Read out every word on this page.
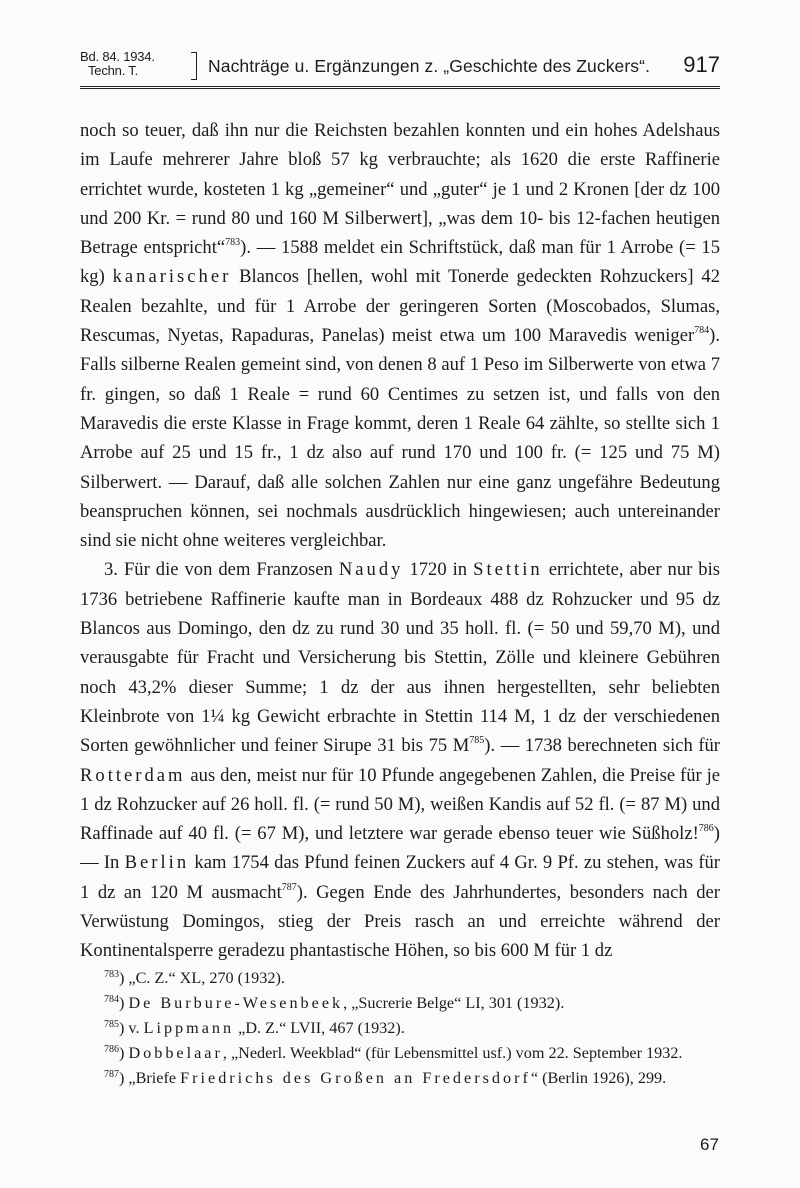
Bd. 84. 1934.
Techn. T.	Nachträge u. Ergänzungen z. „Geschichte des Zuckers“. 917

noch so teuer, daß ihn nur die Reichsten bezahlen konnten und ein hohes Adelshaus im Laufe mehrerer Jahre bloß 57 kg verbrauchte; als 1620 die erste Raffinerie errichtet wurde, kosteten 1 kg „gemeiner“ und „guter“ je 1 und 2 Kronen [der dz 100 und 200 Kr. = rund 80 und 160 M Silberwert], „was dem 10- bis 12-fachen heutigen Betrage entspricht“$^{783}$). — 1588 meldet ein Schriftstück, daß man für 1 Arrobe (= 15 kg) kanarischer Blancos [hellen, wohl mit Tonerde gedeckten Rohzuckers] 42 Realen bezahlte, und für 1 Arrobe der geringeren Sorten (Moscobados, Slumas, Rescumas, Nyetas, Rapaduras, Panelas) meist etwa um 100 Maravedis weniger$^{784}$). Falls silberne Realen gemeint sind, von denen 8 auf 1 Peso im Silberwerte von etwa 7 fr. gingen, so daß 1 Reale = rund 60 Centimes zu setzen ist, und falls von den Maravedis die erste Klasse in Frage kommt, deren 1 Reale 64 zählte, so stellte sich 1 Arrobe auf 25 und 15 fr., 1 dz also auf rund 170 und 100 fr. (= 125 und 75 M) Silberwert. — Darauf, daß alle solchen Zahlen nur eine ganz ungefähre Bedeutung beanspruchen können, sei nochmals ausdrücklich hingewiesen; auch untereinander sind sie nicht ohne weiteres vergleichbar.

3. Für die von dem Franzosen Naudy 1720 in Stettin errichtete, aber nur bis 1736 betriebene Raffinerie kaufte man in Bordeaux 488 dz Rohzucker und 95 dz Blancos aus Domingo, den dz zu rund 30 und 35 holl. fl. (= 50 und 59,70 M), und verausgabte für Fracht und Versicherung bis Stettin, Zölle und kleinere Gebühren noch 43,2% dieser Summe; 1 dz der aus ihnen hergestellten, sehr beliebten Kleinbrote von 1¼ kg Gewicht erbrachte in Stettin 114 M, 1 dz der verschiedenen Sorten gewöhnlicher und feiner Sirupe 31 bis 75 $M^{785}$). — 1738 berechneten sich für Rotterdam aus den, meist nur für 10 Pfunde angegebenen Zahlen, die Preise für je 1 dz Rohzucker auf 26 holl. fl. (= rund 50 M), weißen Kandis auf 52 fl. (= 87 M) und Raffinade auf 40 fl. (= 67 M), und letztere war gerade ebenso teuer wie Süßholz!$^{786}$) — In Berlin kam 1754 das Pfund feinen Zuckers auf 4 Gr. 9 Pf. zu stehen, was für 1 dz an 120 M ausmacht$^{787}$). Gegen Ende des Jahrhundertes, besonders nach der Verwüstung Domingos, stieg der Preis rasch an und erreichte während der Kontinentalsperre geradezu phantastische Höhen, so bis 600 M für 1 dz

$^{783}$) „C. Z.“ XL, 270 (1932).
$^{784}$) De Burbure-Wesenbeek, „Sucrerie Belge“ LI, 301 (1932).
$^{785}$) v. Lippmann „D. Z.“ LVII, 467 (1932).
$^{786}$) Dobbelaar, „Nederl. Weekblad“ (für Lebensmittel usf.) vom 22. September 1932.
$^{787}$) „Briefe Friedrichs des Großen an Fredersdorf“ (Berlin 1926), 299.
67
